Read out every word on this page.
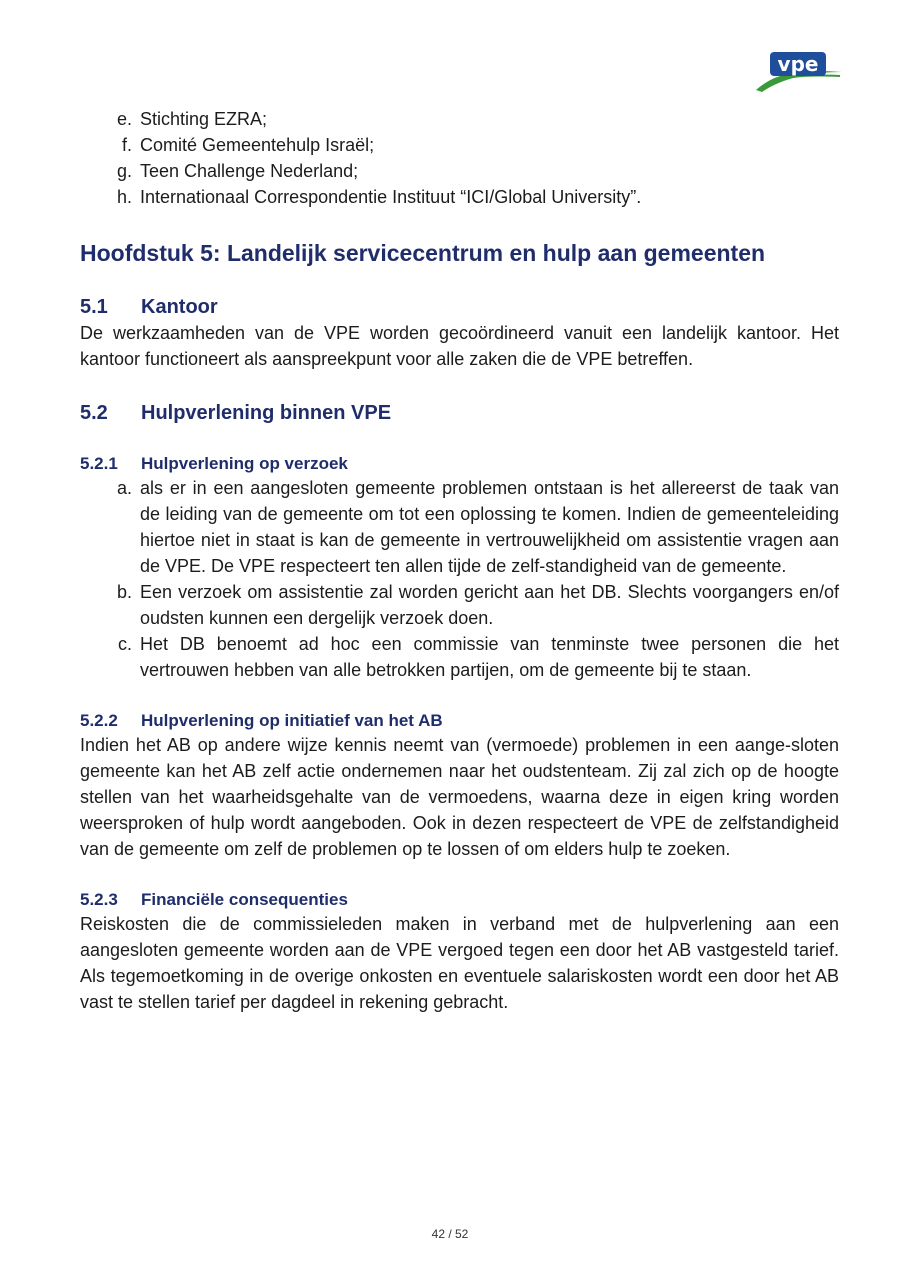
vpe
e. Stichting EZRA;
f. Comité Gemeentehulp Israël;
g. Teen Challenge Nederland;
h. Internationaal Correspondentie Instituut “ICI/Global University”.
Hoofdstuk 5: Landelijk servicecentrum en hulp aan gemeenten
5.1	Kantoor

De werkzaamheden van de VPE worden gecoördineerd vanuit een landelijk kantoor. Het kantoor functioneert als aanspreekpunt voor alle zaken die de VPE betreffen.

5.2	Hulpverlening binnen VPE
5.2.1	Hulpverlening op verzoek
a. als er in een aangesloten gemeente problemen ontstaan is het allereerst de taak van de leiding van de gemeente om tot een oplossing te komen. Indien de gemeenteleiding hiertoe niet in staat is kan de gemeente in vertrouwelijkheid om assistentie vragen aan de VPE. De VPE respecteert ten allen tijde de zelf-standigheid van de gemeente.
b. Een verzoek om assistentie zal worden gericht aan het DB. Slechts voorgangers en/of oudsten kunnen een dergelijk verzoek doen.
c. Het DB benoemt ad hoc een commissie van tenminste twee personen die het vertrouwen hebben van alle betrokken partijen, om de gemeente bij te staan.
5.2.2	Hulpverlening op initiatief van het AB

Indien het AB op andere wijze kennis neemt van (vermoede) problemen in een aange-sloten gemeente kan het AB zelf actie ondernemen naar het oudstenteam. Zij zal zich op de hoogte stellen van het waarheidsgehalte van de vermoedens, waarna deze in eigen kring worden weersproken of hulp wordt aangeboden. Ook in dezen respecteert de VPE de zelfstandigheid van de gemeente om zelf de problemen op te lossen of om elders hulp te zoeken.

5.2.3	Financiële consequenties

Reiskosten die de commissieleden maken in verband met de hulpverlening aan een aangesloten gemeente worden aan de VPE vergoed tegen een door het AB vastgesteld tarief. Als tegemoetkoming in de overige onkosten en eventuele salariskosten wordt een door het AB vast te stellen tarief per dagdeel in rekening gebracht.

42 / 52
